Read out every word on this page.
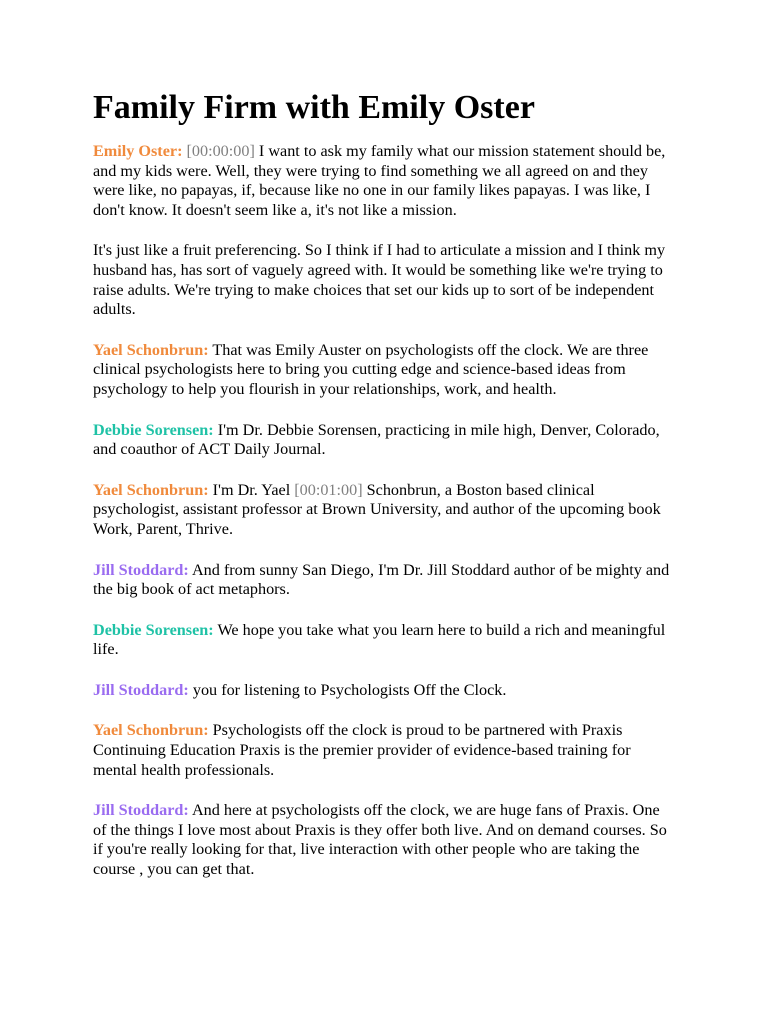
Family Firm with Emily Oster

Emily Oster: [00:00:00] I want to ask my family what our mission statement should be, and my kids were. Well, they were trying to find something we all agreed on and they were like, no papayas, if, because like no one in our family likes papayas. I was like, I don't know. It doesn't seem like a, it's not like a mission.

It's just like a fruit preferencing. So I think if I had to articulate a mission and I think my husband has, has sort of vaguely agreed with. It would be something like we're trying to raise adults. We're trying to make choices that set our kids up to sort of be independent adults.

Yael Schonbrun: That was Emily Auster on psychologists off the clock. We are three clinical psychologists here to bring you cutting edge and science-based ideas from psychology to help you flourish in your relationships, work, and health.

Debbie Sorensen: I'm Dr. Debbie Sorensen, practicing in mile high, Denver, Colorado, and coauthor of ACT Daily Journal.

Yael Schonbrun: I'm Dr. Yael [00:01:00] Schonbrun, a Boston based clinical psychologist, assistant professor at Brown University, and author of the upcoming book Work, Parent, Thrive.

Jill Stoddard: And from sunny San Diego, I'm Dr. Jill Stoddard author of be mighty and the big book of act metaphors.

Debbie Sorensen: We hope you take what you learn here to build a rich and meaningful life.

Jill Stoddard: you for listening to Psychologists Off the Clock.

Yael Schonbrun: Psychologists off the clock is proud to be partnered with Praxis Continuing Education Praxis is the premier provider of evidence-based training for mental health professionals.

Jill Stoddard: And here at psychologists off the clock, we are huge fans of Praxis. One of the things I love most about Praxis is they offer both live. And on demand courses. So if you're really looking for that, live interaction with other people who are taking the course , you can get that.
